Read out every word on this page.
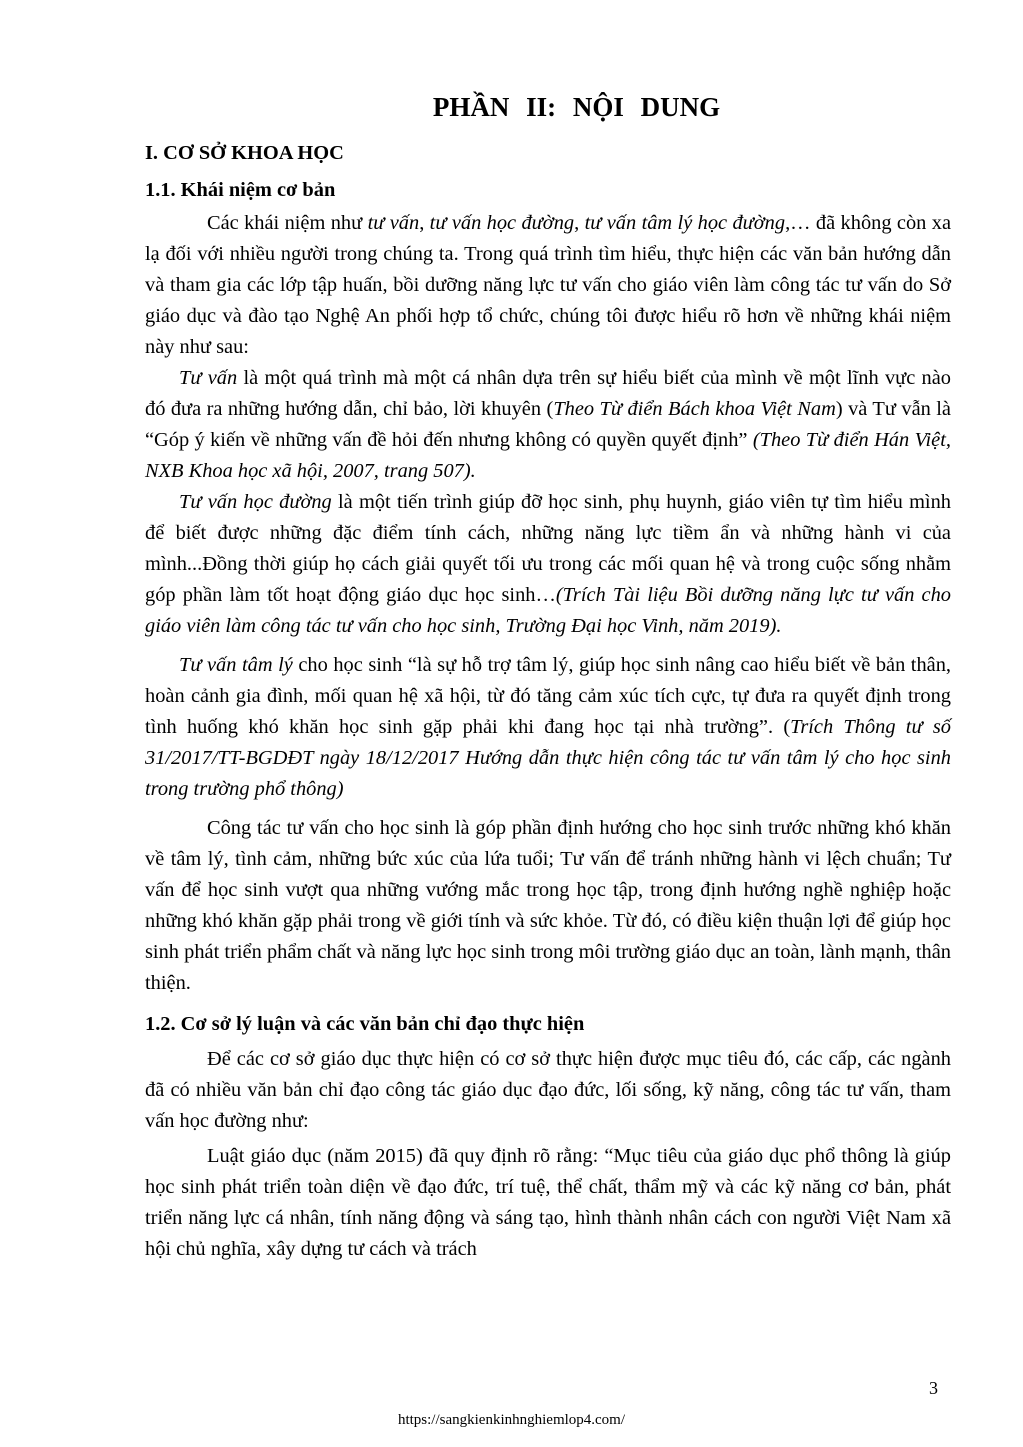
PHẦN II: NỘI DUNG
I. CƠ SỞ KHOA HỌC
1.1. Khái niệm cơ bản

Các khái niệm như tư vấn, tư vấn học đường, tư vấn tâm lý học đường,… đã không còn xa lạ đối với nhiều người trong chúng ta. Trong quá trình tìm hiểu, thực hiện các văn bản hướng dẫn và tham gia các lớp tập huấn, bồi dưỡng năng lực tư vấn cho giáo viên làm công tác tư vấn do Sở giáo dục và đào tạo Nghệ An phối hợp tổ chức, chúng tôi được hiểu rõ hơn về những khái niệm này như sau:

Tư vấn là một quá trình mà một cá nhân dựa trên sự hiểu biết của mình về một lĩnh vực nào đó đưa ra những hướng dẫn, chỉ bảo, lời khuyên (Theo Từ điển Bách khoa Việt Nam) và Tư vẫn là “Góp ý kiến về những vấn đề hỏi đến nhưng không có quyền quyết định” (Theo Từ điển Hán Việt, NXB Khoa học xã hội, 2007, trang 507).

Tư vấn học đường là một tiến trình giúp đỡ học sinh, phụ huynh, giáo viên tự tìm hiểu mình để biết được những đặc điểm tính cách, những năng lực tiềm ẩn và những hành vi của mình...Đồng thời giúp họ cách giải quyết tối ưu trong các mối quan hệ và trong cuộc sống nhằm góp phần làm tốt hoạt động giáo dục học sinh…(Trích Tài liệu Bồi dưỡng năng lực tư vấn cho giáo viên làm công tác tư vấn cho học sinh, Trường Đại học Vinh, năm 2019).

Tư vấn tâm lý cho học sinh “là sự hỗ trợ tâm lý, giúp học sinh nâng cao hiểu biết về bản thân, hoàn cảnh gia đình, mối quan hệ xã hội, từ đó tăng cảm xúc tích cực, tự đưa ra quyết định trong tình huống khó khăn học sinh gặp phải khi đang học tại nhà trường”. (Trích Thông tư số 31/2017/TT-BGDĐT ngày 18/12/2017 Hướng dẫn thực hiện công tác tư vấn tâm lý cho học sinh trong trường phổ thông)

Công tác tư vấn cho học sinh là góp phần định hướng cho học sinh trước những khó khăn về tâm lý, tình cảm, những bức xúc của lứa tuổi; Tư vấn để tránh những hành vi lệch chuẩn; Tư vấn để học sinh vượt qua những vướng mắc trong học tập, trong định hướng nghề nghiệp hoặc những khó khăn gặp phải trong về giới tính và sức khỏe. Từ đó, có điều kiện thuận lợi để giúp học sinh phát triển phẩm chất và năng lực học sinh trong môi trường giáo dục an toàn, lành mạnh, thân thiện.

1.2. Cơ sở lý luận và các văn bản chỉ đạo thực hiện

Để các cơ sở giáo dục thực hiện có cơ sở thực hiện được mục tiêu đó, các cấp, các ngành đã có nhiều văn bản chỉ đạo công tác giáo dục đạo đức, lối sống, kỹ năng, công tác tư vấn, tham vấn học đường như:

Luật giáo dục (năm 2015) đã quy định rõ rằng: “Mục tiêu của giáo dục phổ thông là giúp học sinh phát triển toàn diện về đạo đức, trí tuệ, thể chất, thẩm mỹ và các kỹ năng cơ bản, phát triển năng lực cá nhân, tính năng động và sáng tạo, hình thành nhân cách con người Việt Nam xã hội chủ nghĩa, xây dựng tư cách và trách

3
https://sangkienkinhnghiemlop4.com/
